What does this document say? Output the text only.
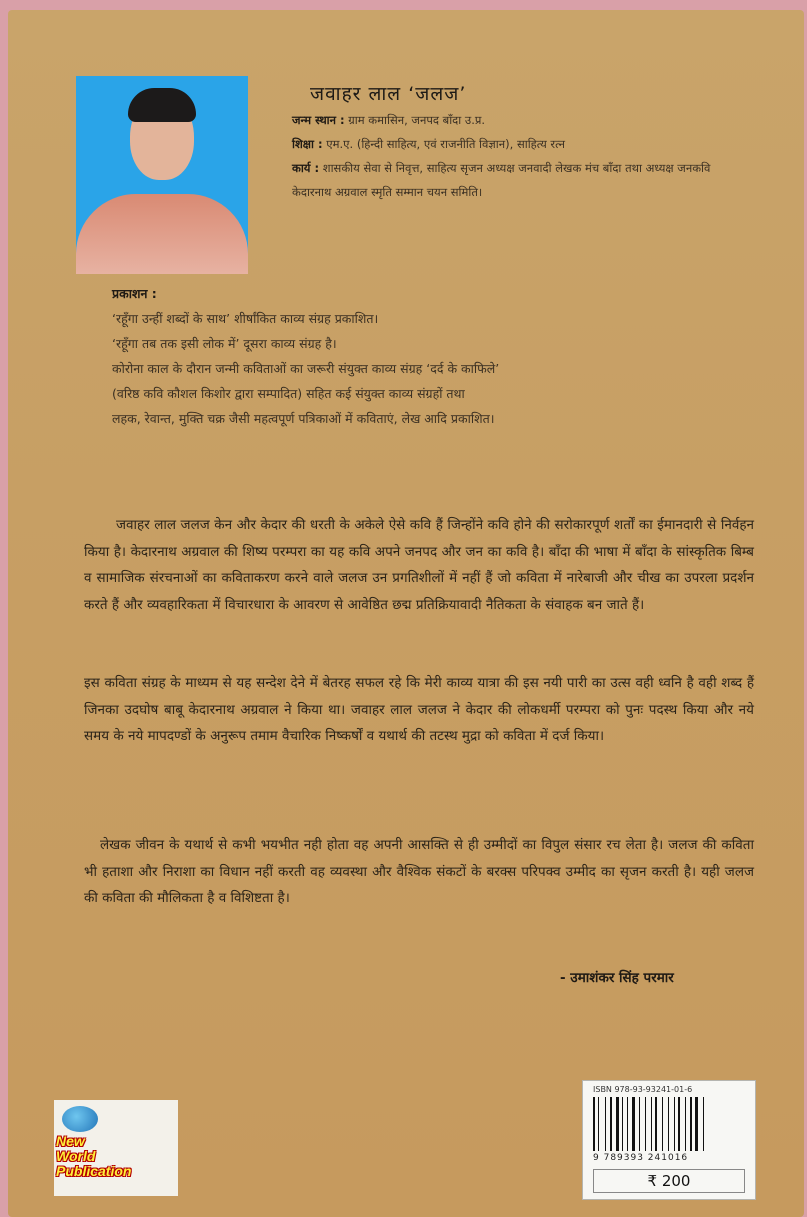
जवाहर लाल ‘जलज’
जन्म स्थान : ग्राम कमासिन, जनपद बाँदा उ.प्र.
शिक्षा : एम.ए. (हिन्दी साहित्य, एवं राजनीति विज्ञान), साहित्य रत्न
कार्य : शासकीय सेवा से निवृत्त, साहित्य सृजन अध्यक्ष जनवादी लेखक मंच बाँदा तथा अध्यक्ष जनकवि केदारनाथ अग्रवाल स्मृति सम्मान चयन समिति।
प्रकाशन :
‘रहूँगा उन्हीं शब्दों के साथ’ शीर्षांकित काव्य संग्रह प्रकाशित।
‘रहूँगा तब तक इसी लोक में’ दूसरा काव्य संग्रह है।
कोरोना काल के दौरान जन्मी कविताओं का जरूरी संयुक्त काव्य संग्रह ‘दर्द के काफिले’
(वरिष्ठ कवि कौशल किशोर द्वारा सम्पादित) सहित कई संयुक्त काव्य संग्रहों तथा
लहक, रेवान्त, मुक्ति चक्र जैसी महत्वपूर्ण पत्रिकाओं में कविताएं, लेख आदि प्रकाशित।
जवाहर लाल जलज केन और केदार की धरती के अकेले ऐसे कवि हैं जिन्होंने कवि होने की सरोकारपूर्ण शर्तों का ईमानदारी से निर्वहन किया है। केदारनाथ अग्रवाल की शिष्य परम्परा का यह कवि अपने जनपद और जन का कवि है। बाँदा की भाषा में बाँदा के सांस्कृतिक बिम्ब व सामाजिक संरचनाओं का कविताकरण करने वाले जलज उन प्रगतिशीलों में नहीं हैं जो कविता में नारेबाजी और चीख का उपरला प्रदर्शन करते हैं और व्यवहारिकता में विचारधारा के आवरण से आवेष्ठित छद्म प्रतिक्रियावादी नैतिकता के संवाहक बन जाते हैं।
इस कविता संग्रह के माध्यम से यह सन्देश देने में बेतरह सफल रहे कि मेरी काव्य यात्रा की इस नयी पारी का उत्स वही ध्वनि है वही शब्द हैं जिनका उदघोष बाबू केदारनाथ अग्रवाल ने किया था। जवाहर लाल जलज ने केदार की लोकधर्मी परम्परा को पुनः पदस्थ किया और नये समय के नये मापदण्डों के अनुरूप तमाम वैचारिक निष्कर्षों व यथार्थ की तटस्थ मुद्रा को कविता में दर्ज किया।
लेखक जीवन के यथार्थ से कभी भयभीत नही होता वह अपनी आसक्ति से ही उम्मीदों का विपुल संसार रच लेता है। जलज की कविता भी हताशा और निराशा का विधान नहीं करती वह व्यवस्था और वैश्विक संकटों के बरक्स परिपक्व उम्मीद का सृजन करती है। यही जलज की कविता की मौलिकता है व विशिष्टता है।
- उमाशंकर सिंह परमार
New
World
Publication
ISBN 978-93-93241-01-6
9 789393 241016
₹ 200
